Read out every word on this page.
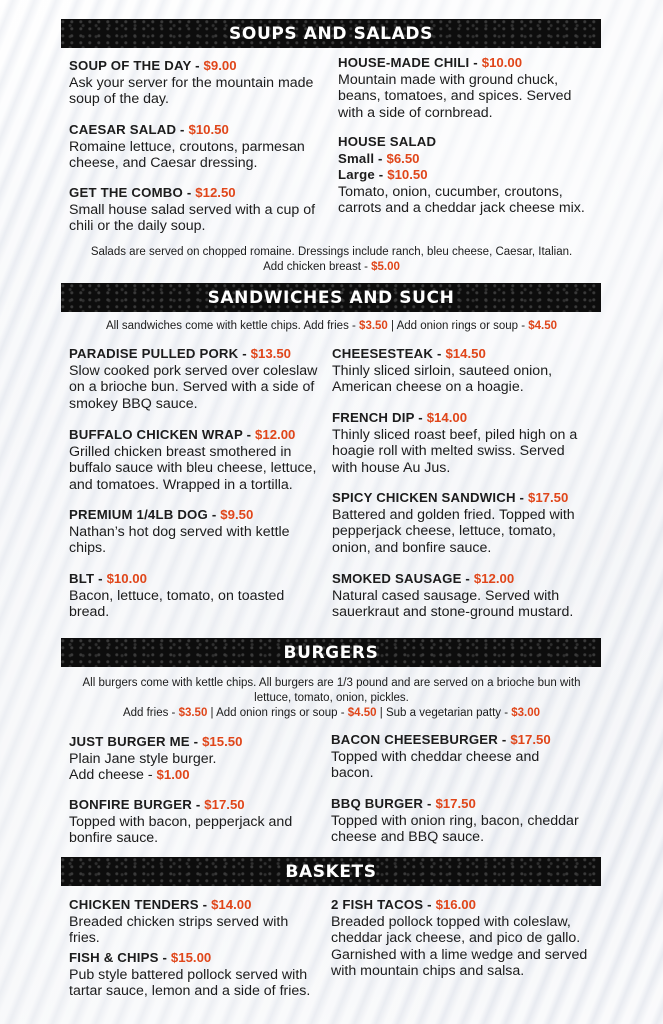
SOUPS AND SALADS
SOUP OF THE DAY - $9.00
Ask your server for the mountain made soup of the day.
CAESAR SALAD - $10.50
Romaine lettuce, croutons, parmesan cheese, and Caesar dressing.
GET THE COMBO - $12.50
Small house salad served with a cup of chili or the daily soup.
HOUSE-MADE CHILI - $10.00
Mountain made with ground chuck, beans, tomatoes, and spices. Served with a side of cornbread.
HOUSE SALAD
Small - $6.50
Large - $10.50
Tomato, onion, cucumber, croutons, carrots and a cheddar jack cheese mix.
Salads are served on chopped romaine. Dressings include ranch, bleu cheese, Caesar, Italian.
Add chicken breast - $5.00
SANDWICHES AND SUCH
All sandwiches come with kettle chips. Add fries - $3.50 | Add onion rings or soup - $4.50
PARADISE PULLED PORK - $13.50
Slow cooked pork served over coleslaw on a brioche bun. Served with a side of smokey BBQ sauce.
BUFFALO CHICKEN WRAP - $12.00
Grilled chicken breast smothered in buffalo sauce with bleu cheese, lettuce, and tomatoes. Wrapped in a tortilla.
PREMIUM 1/4LB DOG - $9.50
Nathan’s hot dog served with kettle chips.
BLT - $10.00
Bacon, lettuce, tomato, on toasted bread.
CHEESESTEAK - $14.50
Thinly sliced sirloin, sauteed onion, American cheese on a hoagie.
FRENCH DIP - $14.00
Thinly sliced roast beef, piled high on a hoagie roll with melted swiss. Served with house Au Jus.
SPICY CHICKEN SANDWICH - $17.50
Battered and golden fried. Topped with pepperjack cheese, lettuce, tomato, onion, and bonfire sauce.
SMOKED SAUSAGE - $12.00
Natural cased sausage. Served with sauerkraut and stone-ground mustard.
BURGERS
All burgers come with kettle chips. All burgers are 1/3 pound and are served on a brioche bun with lettuce, tomato, onion, pickles.
Add fries - $3.50 | Add onion rings or soup - $4.50 | Sub a vegetarian patty - $3.00
JUST BURGER ME - $15.50
Plain Jane style burger.
Add cheese - $1.00
BONFIRE BURGER - $17.50
Topped with bacon, pepperjack and bonfire sauce.
BACON CHEESEBURGER - $17.50
Topped with cheddar cheese and bacon.
BBQ BURGER - $17.50
Topped with onion ring, bacon, cheddar cheese and BBQ sauce.
BASKETS
CHICKEN TENDERS - $14.00
Breaded chicken strips served with fries.
FISH & CHIPS - $15.00
Pub style battered pollock served with tartar sauce, lemon and a side of fries.
2 FISH TACOS - $16.00
Breaded pollock topped with coleslaw, cheddar jack cheese, and pico de gallo. Garnished with a lime wedge and served with mountain chips and salsa.
